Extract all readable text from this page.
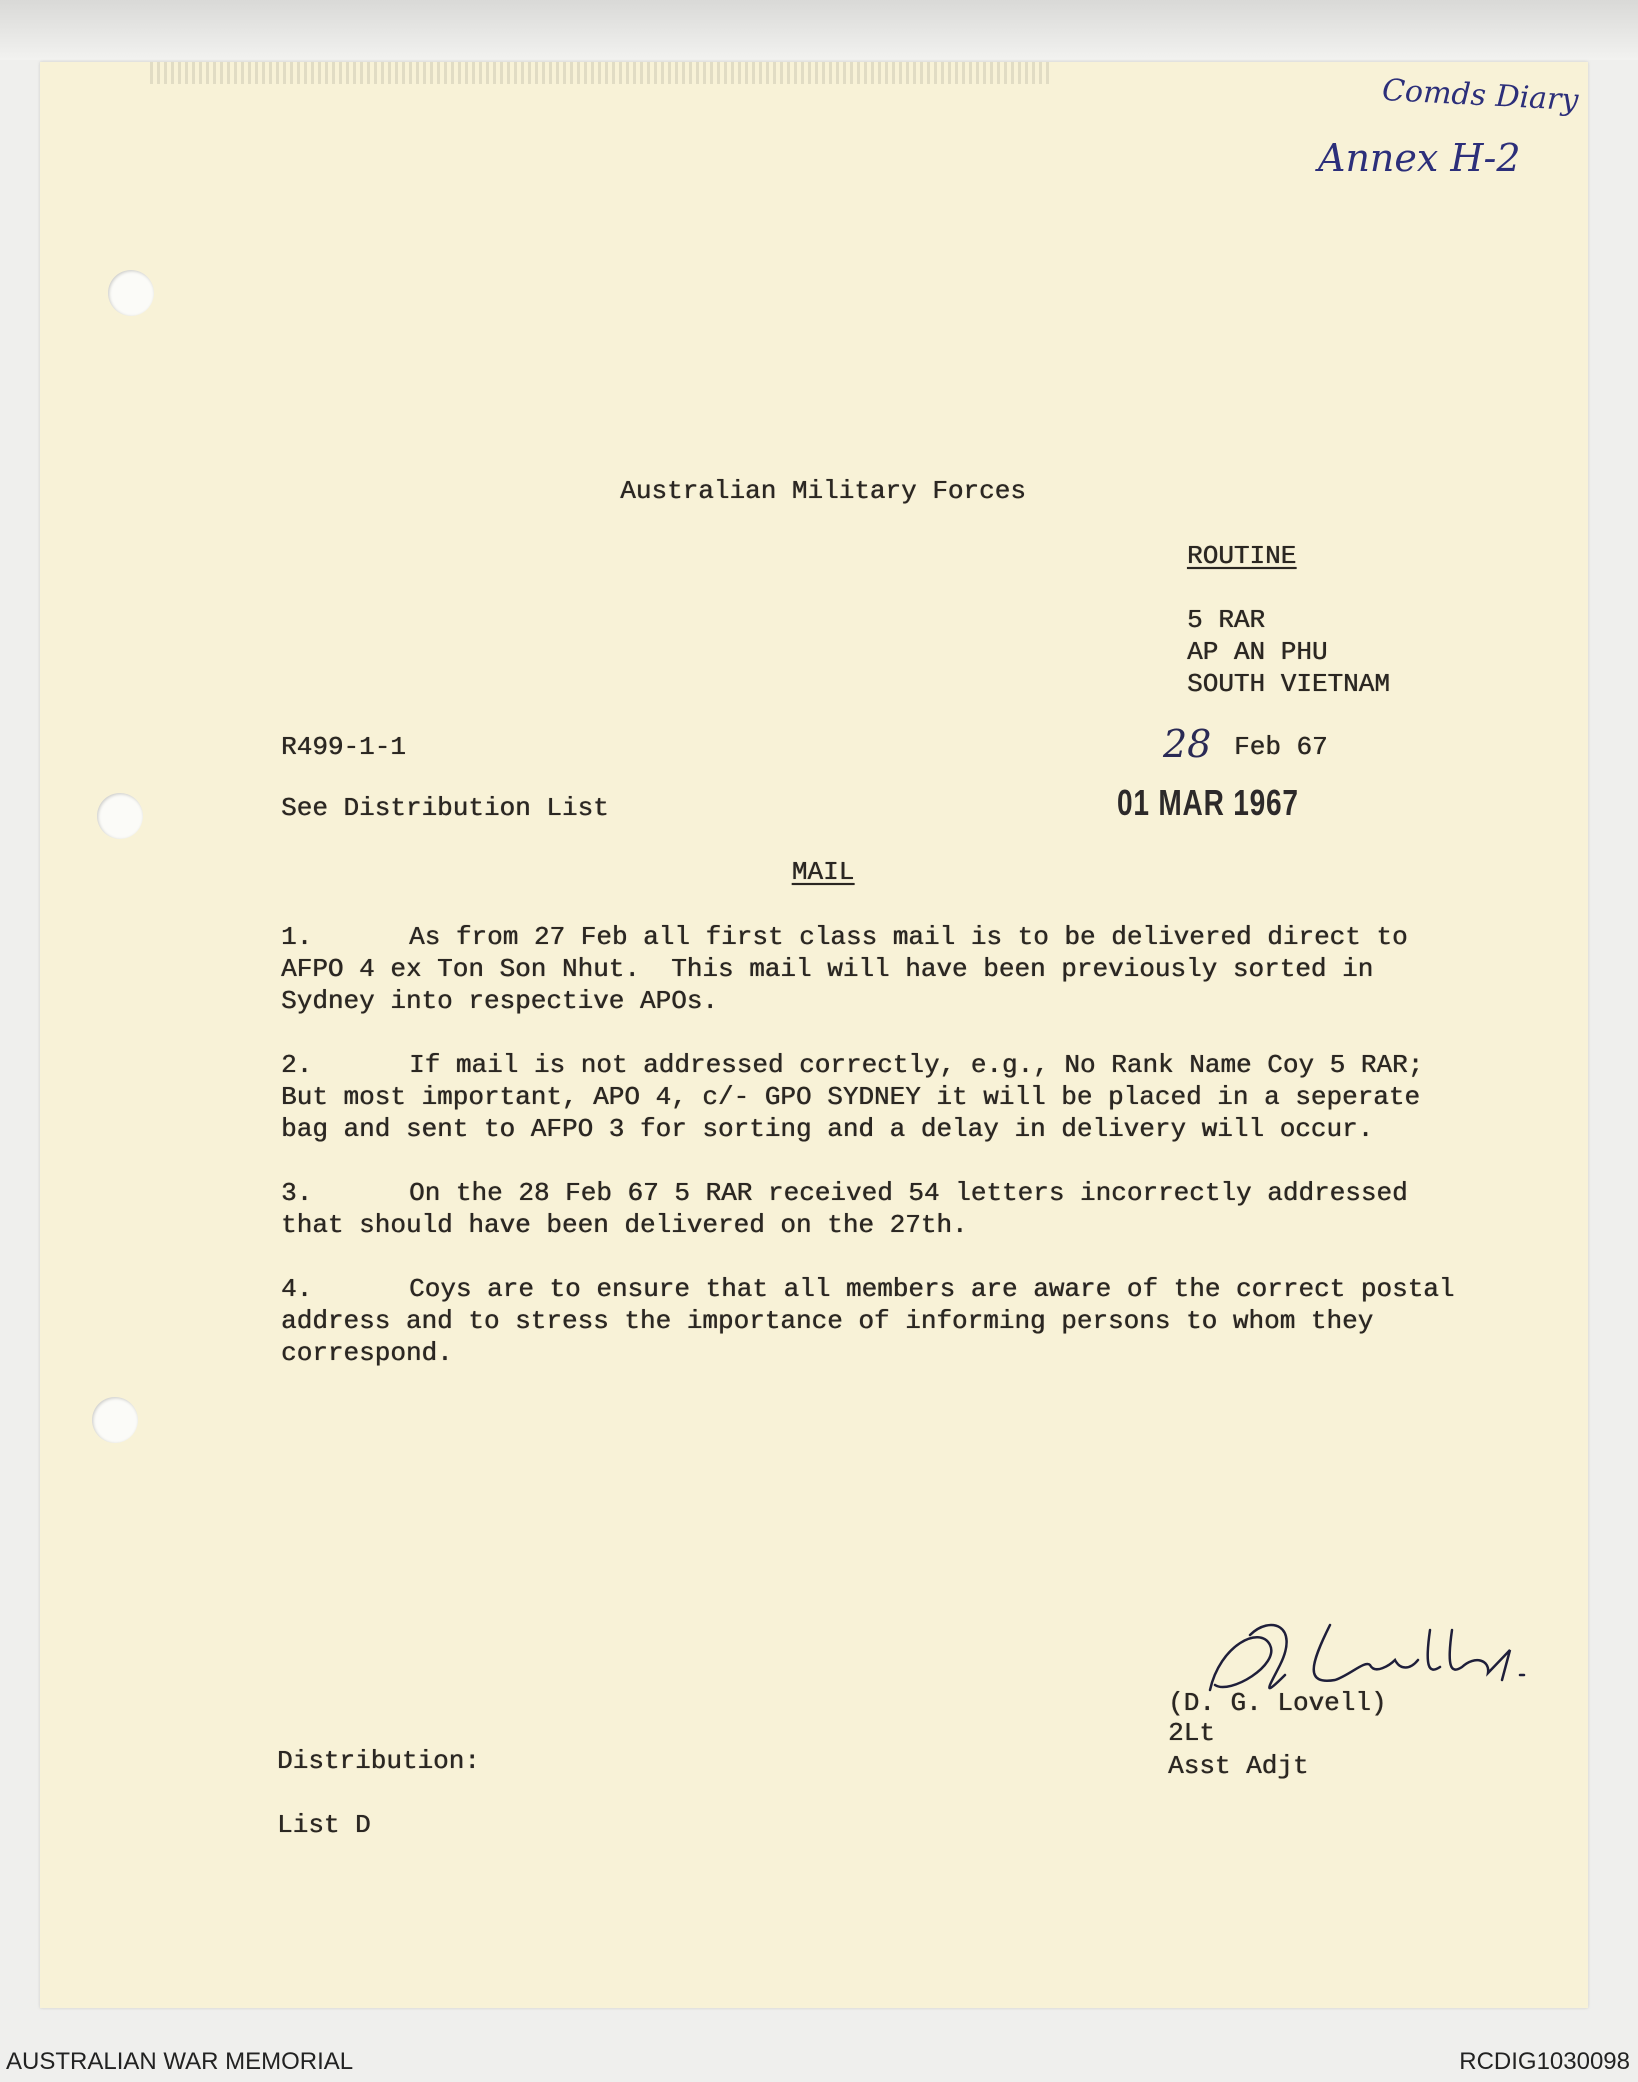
Comds Diary
Annex H-2
Australian Military Forces
ROUTINE
5 RAR
AP AN PHU
SOUTH VIETNAM
R499-1-1	28 Feb 67
See Distribution List	01 MAR 1967
MAIL
1.	As from 27 Feb all first class mail is to be delivered direct to
AFPO 4 ex Ton Son Nhut.  This mail will have been previously sorted in
Sydney into respective APOs.
2.	If mail is not addressed correctly, e.g., No Rank Name Coy 5 RAR;
But most important, APO 4, c/- GPO SYDNEY it will be placed in a seperate
bag and sent to AFPO 3 for sorting and a delay in delivery will occur.
3.	On the 28 Feb 67 5 RAR received 54 letters incorrectly addressed
that should have been delivered on the 27th.
4.	Coys are to ensure that all members are aware of the correct postal
address and to stress the importance of informing persons to whom they
correspond.
(D. G. Lovell)
2Lt
Asst Adjt
Distribution:
List D
AUSTRALIAN WAR MEMORIAL	RCDIG1030098
